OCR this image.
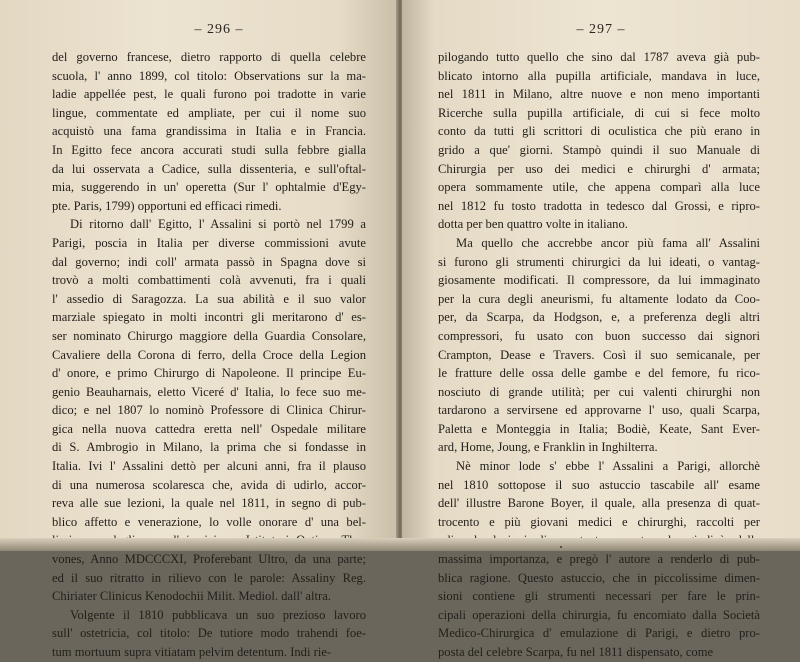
– 296 –
del governo francese, dietro rapporto di quella celebre
scuola, l' anno 1899, col titolo: Observations sur la ma-
ladie appellée pest, le quali furono poi tradotte in varie
lingue, commentate ed ampliate, per cui il nome suo
acquistò una fama grandissima in Italia e in Francia.
In Egitto fece ancora accurati studi sulla febbre gialla
da lui osservata a Cadice, sulla dissenteria, e sull'oftal-
mia, suggerendo in un' operetta (Sur l' ophtalmie d'Egy-
pte. Paris, 1799) opportuni ed efficaci rimedi.
Di ritorno dall' Egitto, l' Assalini si portò nel 1799 a
Parigi, poscia in Italia per diverse commissioni avute
dal governo; indi coll' armata passò in Spagna dove si
trovò a molti combattimenti colà avvenuti, fra i quali
l' assedio di Saragozza. La sua abilità e il suo valor
marziale spiegato in molti incontri gli meritarono d' es-
ser nominato Chirurgo maggiore della Guardia Consolare,
Cavaliere della Corona di ferro, della Croce della Legion
d' onore, e primo Chirurgo di Napoleone. Il principe Eu-
genio Beauharnais, eletto Viceré d' Italia, lo fece suo me-
dico; e nel 1807 lo nominò Professore di Clinica Chirur-
gica nella nuova cattedra eretta nell' Ospedale militare
di S. Ambrogio in Milano, la prima che si fondasse in
Italia. Ivi l' Assalini dettò per alcuni anni, fra il plauso
di una numerosa scolaresca che, avida di udirlo, accor-
reva alle sue lezioni, la quale nel 1811, in segno di pub-
blico affetto e venerazione, lo volle onorare d' una bel-
vones, Anno MDCCCXI, Proferebant Ultro, da una parte;
ed il suo ritratto in rilievo con le parole: Assaliny Reg.
Chiriater Clinicus Kenodochii Milit. Mediol. dall' altra.
Volgente il 1810 pubblicava un suo prezioso lavoro
sull' ostetricia, col titolo: De tutiore modo trahendi foe-
tum mortuum supra vitiatam pelvim detentum. Indi rie-
– 297 –
pilogando tutto quello che sino dal 1787 aveva già pub-
blicato intorno alla pupilla artificiale, mandava in luce,
nel 1811 in Milano, altre nuove e non meno importanti
Ricerche sulla pupilla artificiale, di cui si fece molto
conto da tutti gli scrittori di oculistica che più erano in
grido a que' giorni. Stampò quindi il suo Manuale di
Chirurgia per uso dei medici e chirurghi d' armata;
opera sommamente utile, che appena comparì alla luce
nel 1812 fu tosto tradotta in tedesco dal Grossi, e ripro-
dotta per ben quattro volte in italiano.
Ma quello che accrebbe ancor più fama all' Assalini
si furono gli strumenti chirurgici da lui ideati, o vantag-
giosamente modificati. Il compressore, da lui immaginato
per la cura degli aneurismi, fu altamente lodato da Coo-
per, da Scarpa, da Hodgson, e, a preferenza degli altri
compressori, fu usato con buon successo dai signori
Crampton, Dease e Travers. Così il suo semicanale, per
le fratture delle ossa delle gambe e del femore, fu rico-
nosciuto di grande utilità; per cui valenti chirurghi non
tardarono a servirsene ed approvarne l' uso, quali Scarpa,
Paletta e Monteggia in Italia; Bodiè, Keate, Sant Ever-
ard, Home, Joung, e Franklin in Inghilterra.
Nè minor lode s' ebbe l' Assalini a Parigi, allorchè
nel 1810 sottopose il suo astuccio tascabile all' esame
dell' illustre Barone Boyer, il quale, alla presenza di quat-
trocento e più giovani medici e chirurghi, raccolti per
massima importanza, e pregò l' autore a renderlo di pub-
blica ragione. Questo astuccio, che in piccolissime dimen-
sioni contiene gli strumenti necessari per fare le prin-
cipali operazioni della chirurgia, fu encomiato dalla Società
Medico-Chirurgica d' emulazione di Parigi, e dietro pro-
posta del celebre Scarpa, fu nel 1811 dispensato, come
